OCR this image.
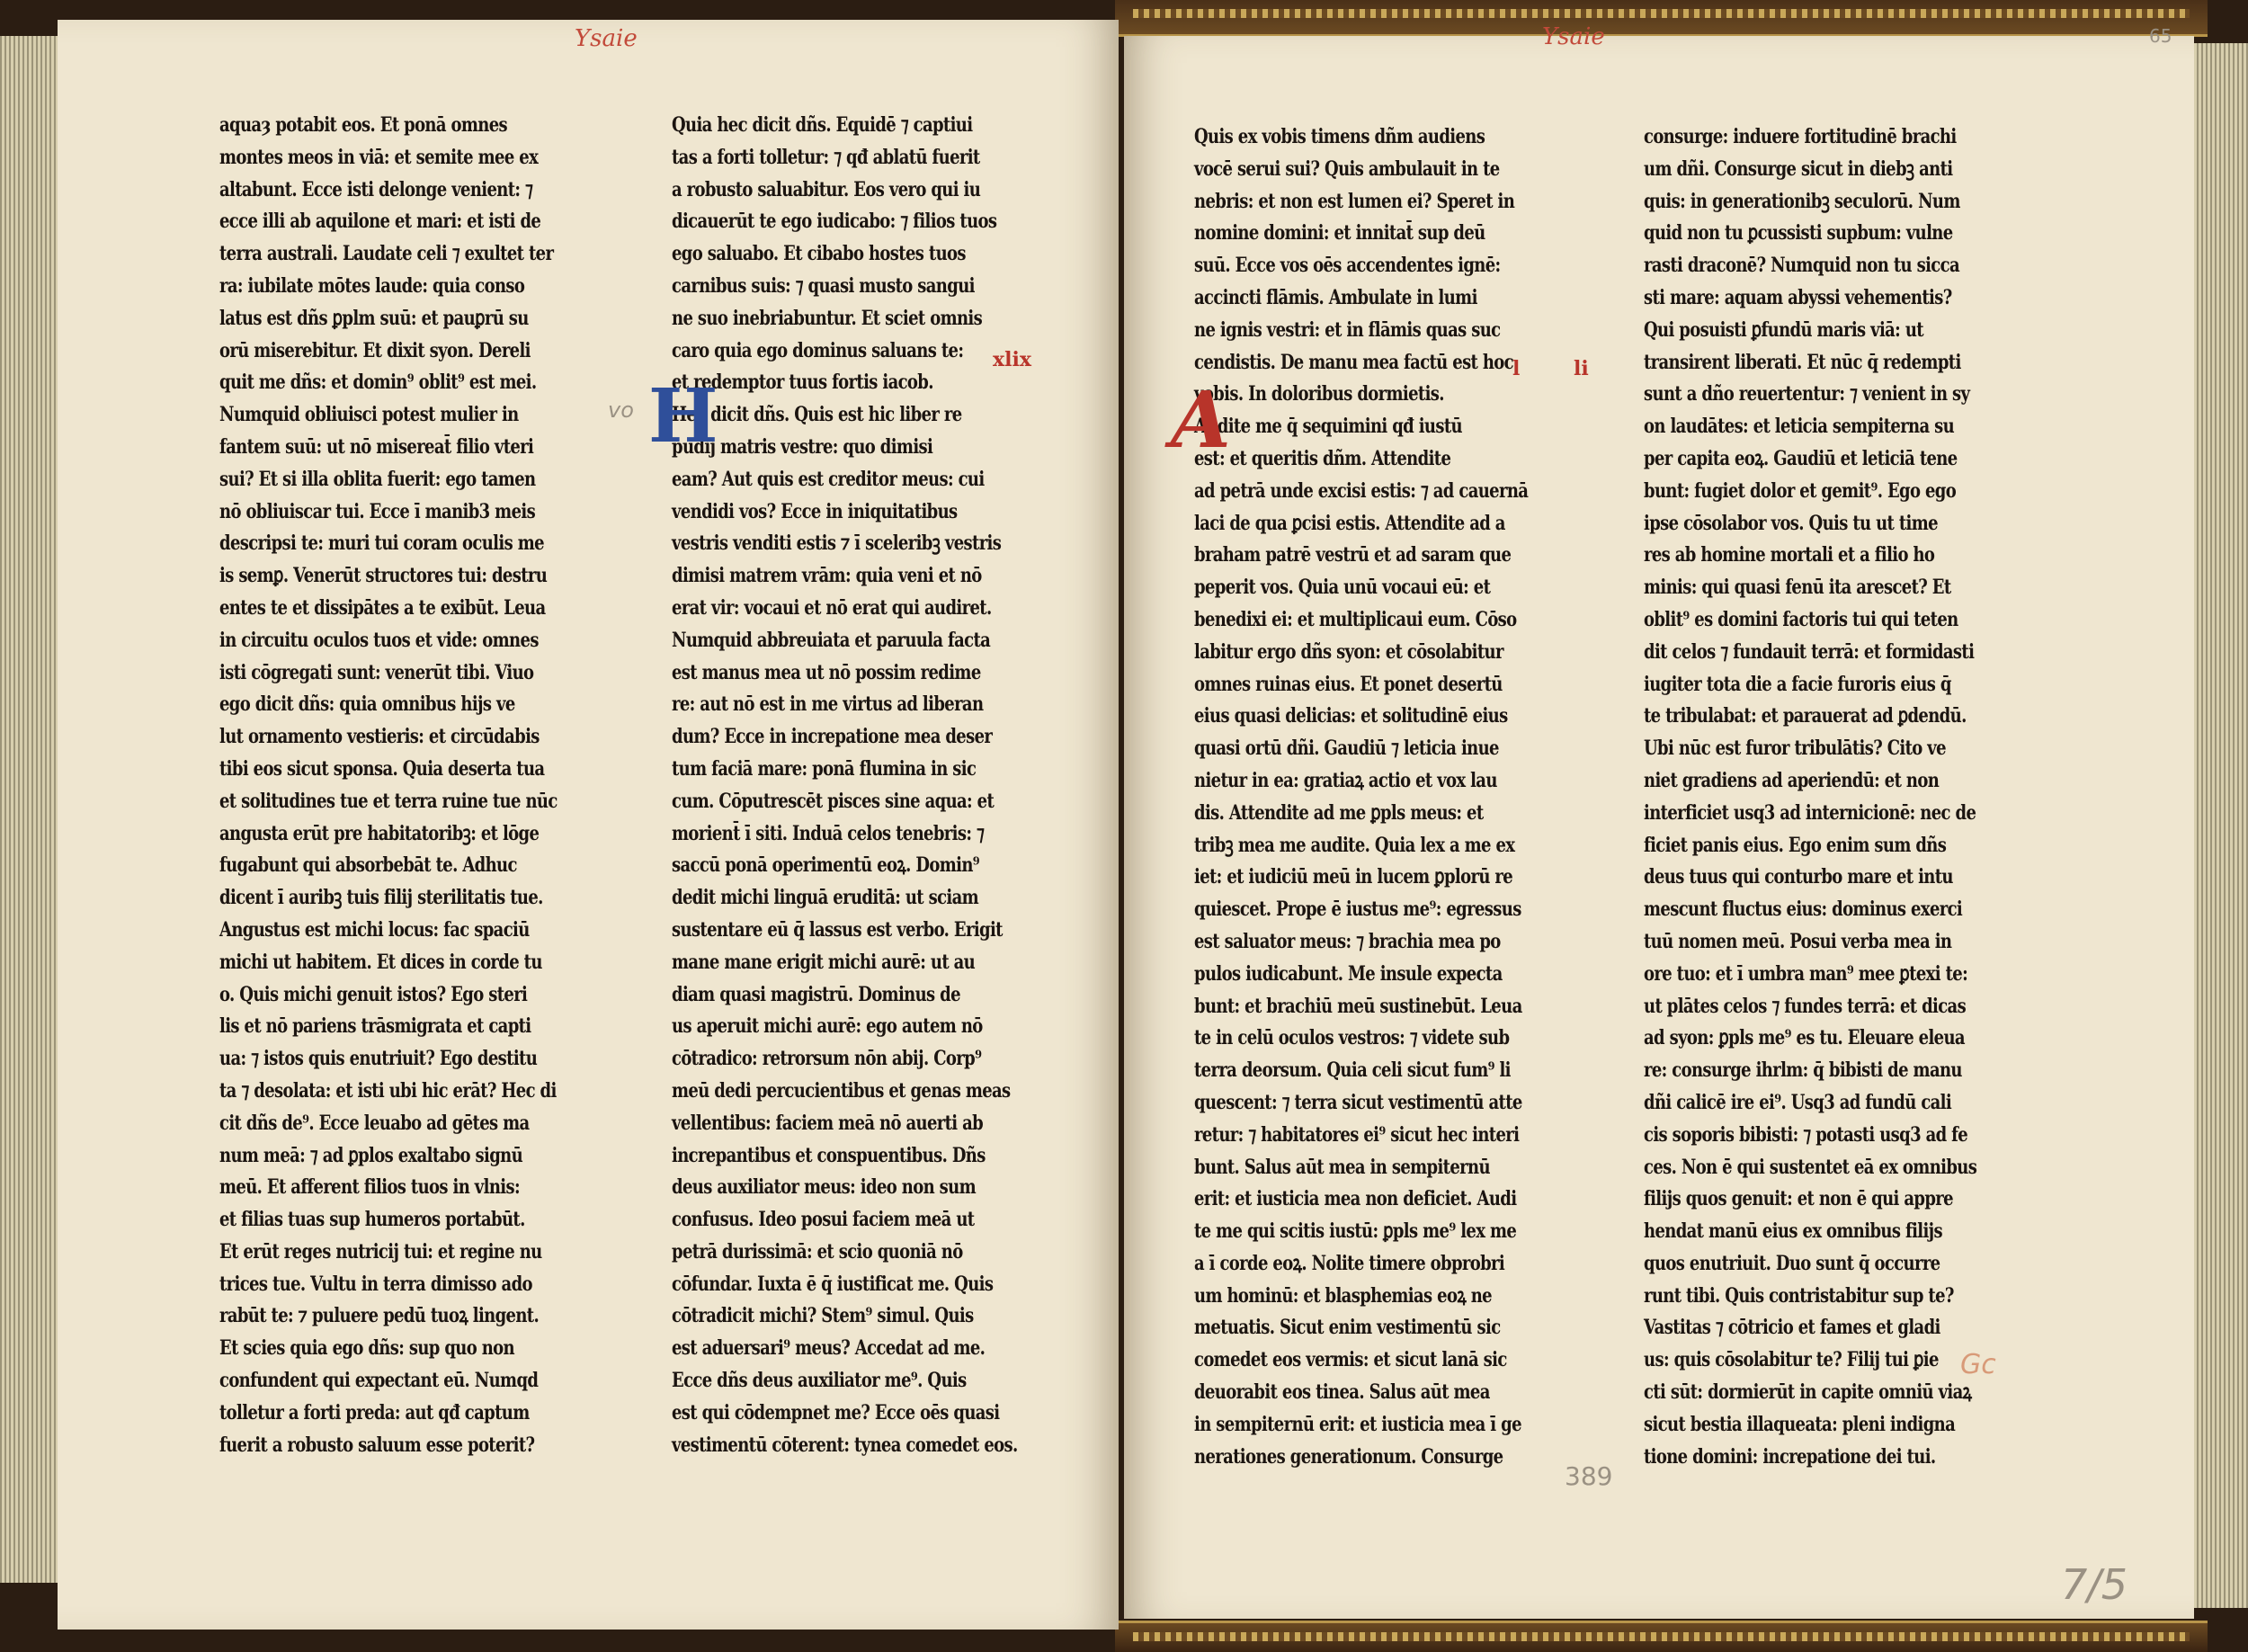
Ysaie
aquaȝ potabit eos. Et ponā omnes
montes meos in viā: et semite mee ex
altabunt. Ecce isti delonge venient: ⁊
ecce illi ab aquilone et mari: et isti de
terra australi. Laudate celi ⁊ exultet ter
ra: iubilate mōtes laude: quia conso
latus est dñs ꝑplm suū: et pauꝑrū su
orū miserebitur. Et dixit syon. Dereli
quit me dñs: et domin⁹ oblit⁹ est mei.
Numquid obliuisci potest mulier in
fantem suū: ut nō misereat̄ filio vteri
sui? Et si illa oblita fuerit: ego tamen
nō obliuiscar tui. Ecce ī manib3 meis
descripsi te: muri tui coram oculis me
is semꝑ. Venerūt structores tui: destru
entes te et dissipātes a te exibūt. Leua
in circuitu oculos tuos et vide: omnes
isti cōgregati sunt: venerūt tibi. Viuo
ego dicit dñs: quia omnibus hijs ve
lut ornamento vestieris: et circūdabis
tibi eos sicut sponsa. Quia deserta tua
et solitudines tue et terra ruine tue nūc
angusta erūt pre habitatoribꝫ: et lōge
fugabunt qui absorbebāt te. Adhuc
dicent ī auribꝫ tuis filij sterilitatis tue.
Angustus est michi locus: fac spaciū
michi ut habitem. Et dices in corde tu
o. Quis michi genuit istos? Ego steri
lis et nō pariens trāsmigrata et capti
ua: ⁊ istos quis enutriuit? Ego destitu
ta ⁊ desolata: et isti ubi hic erāt? Hec di
cit dñs de⁹. Ecce leuabo ad gētes ma
num meā: ⁊ ad ꝑplos exaltabo signū
meū. Et afferent filios tuos in vlnis:
et filias tuas sup humeros portabūt.
Et erūt reges nutricij tui: et regine nu
trices tue. Vultu in terra dimisso ado
rabūt te: ⁊ puluere pedū tuoꝝ lingent.
Et scies quia ego dñs: sup quo non
confundent qui expectant eū. Numqd
tolletur a forti preda: aut qđ captum
fuerit a robusto saluum esse poterit?
Quia hec dicit dñs. Equidē ⁊ captiui
tas a forti tolletur: ⁊ qđ ablatū fuerit
a robusto saluabitur. Eos vero qui iu
dicauerūt te ego iudicabo: ⁊ filios tuos
ego saluabo. Et cibabo hostes tuos
carnibus suis: ⁊ quasi musto sangui
ne suo inebriabuntur. Et sciet omnis
caro quia ego dominus saluans te:
et redemptor tuus fortis iacob.
Hec dicit dñs. Quis est hic liber re
pudij matris vestre: quo dimisi
eam? Aut quis est creditor meus: cui
vendidi vos? Ecce in iniquitatibus
vestris venditi estis ⁊ ī sceleribꝫ vestris
dimisi matrem vrām: quia veni et nō
erat vir: vocaui et nō erat qui audiret.
Numquid abbreuiata et paruula facta
est manus mea ut nō possim redime
re: aut nō est in me virtus ad liberan
dum? Ecce in increpatione mea deser
tum faciā mare: ponā flumina in sic
cum. Cōputrescēt pisces sine aqua: et
morient̄ ī siti. Induā celos tenebris: ⁊
saccū ponā operimentū eoꝝ. Domin⁹
dedit michi linguā eruditā: ut sciam
sustentare eū q̄ lassus est verbo. Erigit
mane mane erigit michi aurē: ut au
diam quasi magistrū. Dominus de
us aperuit michi aurē: ego autem nō
cōtradico: retrorsum nōn abij. Corp⁹
meū dedi percucientibus et genas meas
vellentibus: faciem meā nō auerti ab
increpantibus et conspuentibus. Dñs
deus auxiliator meus: ideo non sum
confusus. Ideo posui faciem meā ut
petrā durissimā: et scio quoniā nō
cōfundar. Iuxta ē q̄ iustificat me. Quis
cōtradicit michi? Stem⁹ simul. Quis
est aduersari⁹ meus? Accedat ad me.
Ecce dñs deus auxiliator me⁹. Quis
est qui cōdempnet me? Ecce oēs quasi
vestimentū cōterent: tynea comedet eos.
xlix
vo H
Ysaie	65
Quis ex vobis timens dñm audiens
vocē serui sui? Quis ambulauit in te
nebris: et non est lumen ei? Speret in
nomine domini: et innitat̄ sup deū
suū. Ecce vos oēs accendentes ignē:
accincti flāmis. Ambulate in lumi
ne ignis vestri: et in flāmis quas suc
cendistis. De manu mea factū est hoc
vobis. In doloribus dormietis.
Audite me q̄ sequimini qđ iustū
est: et queritis dñm. Attendite
ad petrā unde excisi estis: ⁊ ad cauernā
laci de qua ꝑcisi estis. Attendite ad a
braham patrē vestrū et ad saram que
peperit vos. Quia unū vocaui eū: et
benedixi ei: et multiplicaui eum. Cōso
labitur ergo dñs syon: et cōsolabitur
omnes ruinas eius. Et ponet desertū
eius quasi delicias: et solitudinē eius
quasi ortū dñi. Gaudiū ⁊ leticia inue
nietur in ea: gratiaꝝ actio et vox lau
dis. Attendite ad me ꝑpls meus: et
tribꝫ mea me audite. Quia lex a me ex
iet: et iudiciū meū in lucem ꝑplorū re
quiescet. Prope ē iustus me⁹: egressus
est saluator meus: ⁊ brachia mea po
pulos iudicabunt. Me insule expecta
bunt: et brachiū meū sustinebūt. Leua
te in celū oculos vestros: ⁊ videte sub
terra deorsum. Quia celi sicut fum⁹ li
quescent: ⁊ terra sicut vestimentū atte
retur: ⁊ habitatores ei⁹ sicut hec interi
bunt. Salus aūt mea in sempiternū
erit: et iusticia mea non deficiet. Audi
te me qui scitis iustū: ꝑpls me⁹ lex me
a ī corde eoꝝ. Nolite timere obprobri
um hominū: et blasphemias eoꝝ ne
metuatis. Sicut enim vestimentū sic
comedet eos vermis: et sicut lanā sic
deuorabit eos tinea. Salus aūt mea
in sempiternū erit: et iusticia mea ī ge
nerationes generationum. Consurge
consurge: induere fortitudinē brachi
um dñi. Consurge sicut in diebꝫ anti
quis: in generationibꝫ seculorū. Num
quid non tu ꝑcussisti supbum: vulne
rasti draconē? Numquid non tu sicca
sti mare: aquam abyssi vehementis?
Qui posuisti ꝑfundū maris viā: ut
transirent liberati. Et nūc q̄ redempti
sunt a dño reuertentur: ⁊ venient in sy
on laudātes: et leticia sempiterna su
per capita eoꝝ. Gaudiū et leticiā tene
bunt: fugiet dolor et gemit⁹. Ego ego
ipse cōsolabor vos. Quis tu ut time
res ab homine mortali et a filio ho
minis: qui quasi fenū ita arescet? Et
oblit⁹ es domini factoris tui qui teten
dit celos ⁊ fundauit terrā: et formidasti
iugiter tota die a facie furoris eius q̄
te tribulabat: et parauerat ad ꝑdendū.
Ubi nūc est furor tribulātis? Cito ve
niet gradiens ad aperiendū: et non
interficiet usq3 ad internicionē: nec de
ficiet panis eius. Ego enim sum dñs
deus tuus qui conturbo mare et intu
mescunt fluctus eius: dominus exerci
tuū nomen meū. Posui verba mea in
ore tuo: et ī umbra man⁹ mee ꝑtexi te:
ut plātes celos ⁊ fundes terrā: et dicas
ad syon: ꝑpls me⁹ es tu. Eleuare eleua
re: consurge ihrlm: q̄ bibisti de manu
dñi calicē ire ei⁹. Usq3 ad fundū cali
cis soporis bibisti: ⁊ potasti usq3 ad fe
ces. Non ē qui sustentet eā ex omnibus
filijs quos genuit: et non ē qui appre
hendat manū eius ex omnibus filijs
quos enutriuit. Duo sunt q̄ occurre
runt tibi. Quis contristabitur sup te?
Vastitas ⁊ cōtricio et fames et gladi
us: quis cōsolabitur te? Filij tui ꝑie
cti sūt: dormierūt in capite omniū viaꝝ
sicut bestia illaqueata: pleni indigna
tione domini: increpatione dei tui.
l	li
A
Gc
389
7/5
